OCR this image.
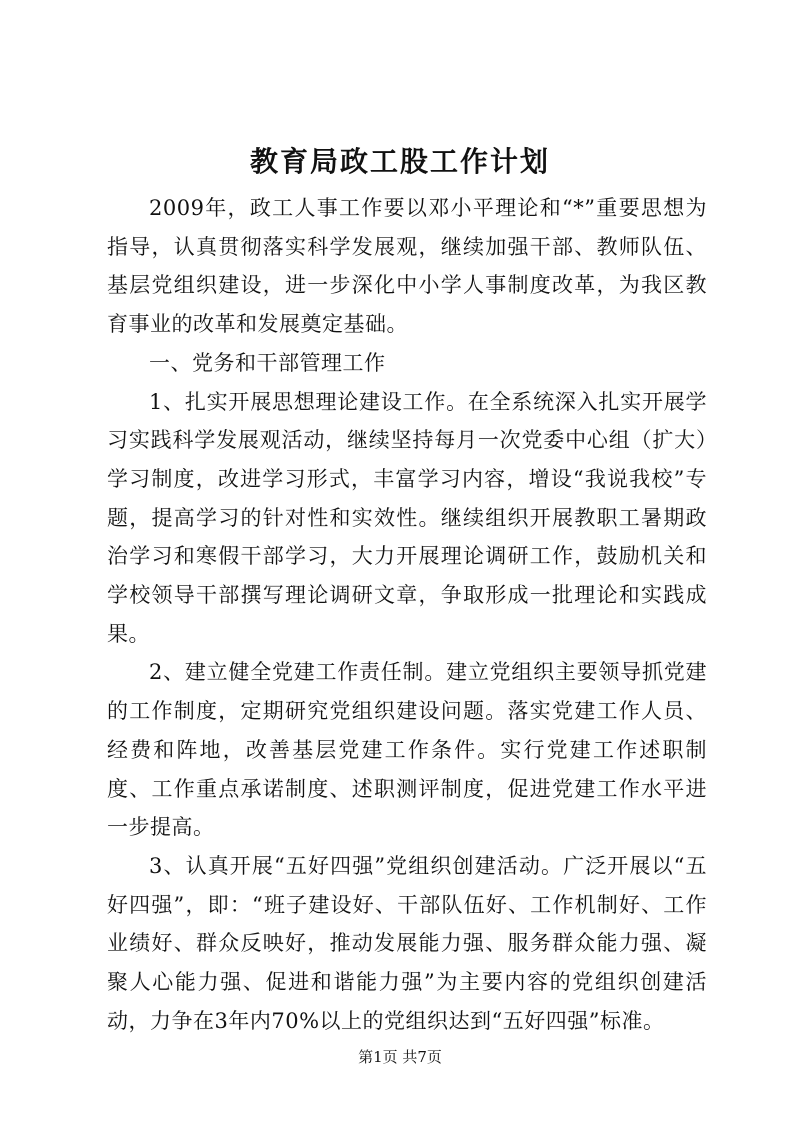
教育局政工股工作计划

2009年，政工人事工作要以邓小平理论和“*”重要思想为指导，认真贯彻落实科学发展观，继续加强干部、教师队伍、基层党组织建设，进一步深化中小学人事制度改革，为我区教育事业的改革和发展奠定基础。

一、党务和干部管理工作

1、扎实开展思想理论建设工作。在全系统深入扎实开展学习实践科学发展观活动，继续坚持每月一次党委中心组（扩大）学习制度，改进学习形式，丰富学习内容，增设“我说我校”专题，提高学习的针对性和实效性。继续组织开展教职工暑期政治学习和寒假干部学习，大力开展理论调研工作，鼓励机关和学校领导干部撰写理论调研文章，争取形成一批理论和实践成果。

2、建立健全党建工作责任制。建立党组织主要领导抓党建的工作制度，定期研究党组织建设问题。落实党建工作人员、经费和阵地，改善基层党建工作条件。实行党建工作述职制度、工作重点承诺制度、述职测评制度，促进党建工作水平进一步提高。

3、认真开展“五好四强”党组织创建活动。广泛开展以“五好四强”，即：“班子建设好、干部队伍好、工作机制好、工作业绩好、群众反映好，推动发展能力强、服务群众能力强、凝聚人心能力强、促进和谐能力强”为主要内容的党组织创建活动，力争在3年内70%以上的党组织达到“五好四强”标准。

第1页 共7页
